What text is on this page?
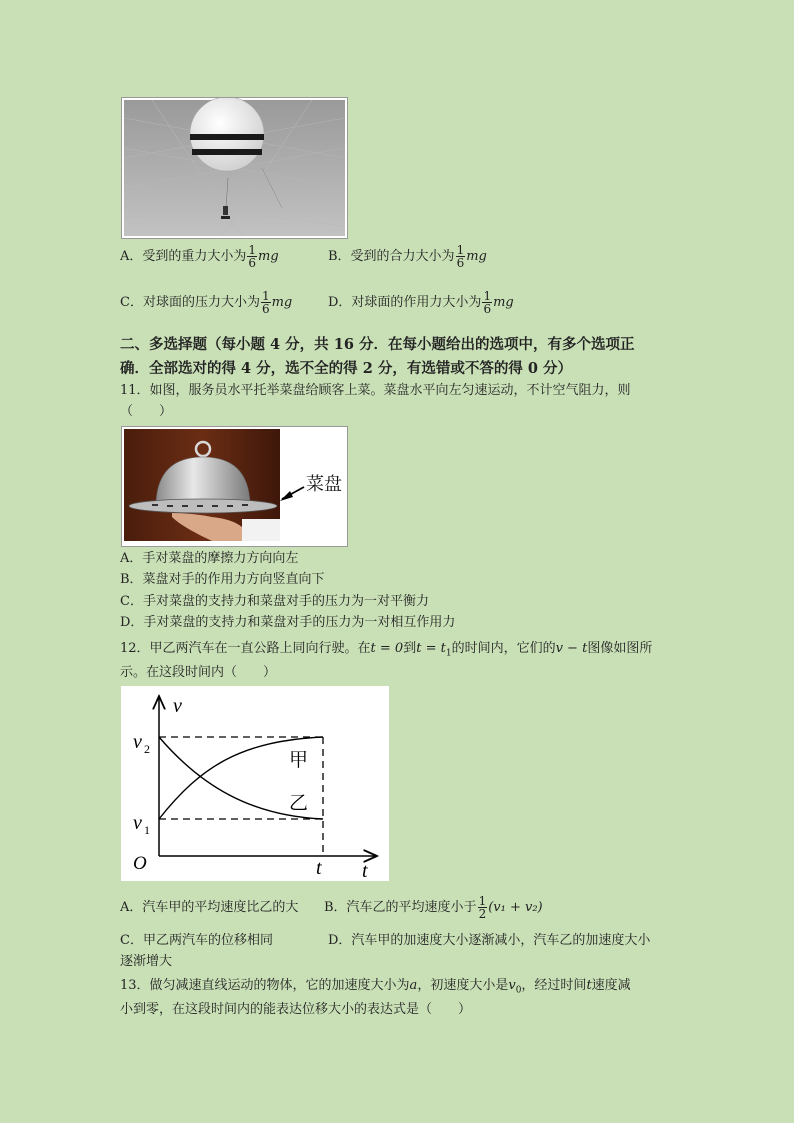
A．受到的重力大小为 $\frac{1}{6}$ mg	B．受到的合力大小为 $\frac{1}{6}$ mg
C．对球面的压力大小为 $\frac{1}{6}$ mg	D．对球面的作用力大小为 $\frac{1}{6}$ mg
二、多选择题（每小题 4 分，共 16 分．在每小题给出的选项中，有多个选项正
确．全部选对的得 4 分，选不全的得 2 分，有选错或不答的得 0 分）
11．如图，服务员水平托举菜盘给顾客上菜。菜盘水平向左匀速运动，不计空气阻力，则
（　　）
菜盘
A．手对菜盘的摩擦力方向向左
B．菜盘对手的作用力方向竖直向下
C．手对菜盘的支持力和菜盘对手的压力为一对平衡力
D．手对菜盘的支持力和菜盘对手的压力为一对相互作用力
12．甲乙两汽车在一直公路上同向行驶。在t = 0到$t = t_1$的时间内，它们的v − t图像如图所
示。在这段时间内（　　）
v
t
O	t
v 2
v 1
甲
乙
A．汽车甲的平均速度比乙的大 B．汽车乙的平均速度小于 $\frac{1}{2} (v_1 + v_2)$
C．甲乙两汽车的位移相同	D．汽车甲的加速度大小逐渐减小，汽车乙的加速度大小
逐渐增大
13．做匀减速直线运动的物体，它的加速度大小为a，初速度大小是$v_0$，经过时间t速度减
小到零，在这段时间内的能表达位移大小的表达式是（　　）
